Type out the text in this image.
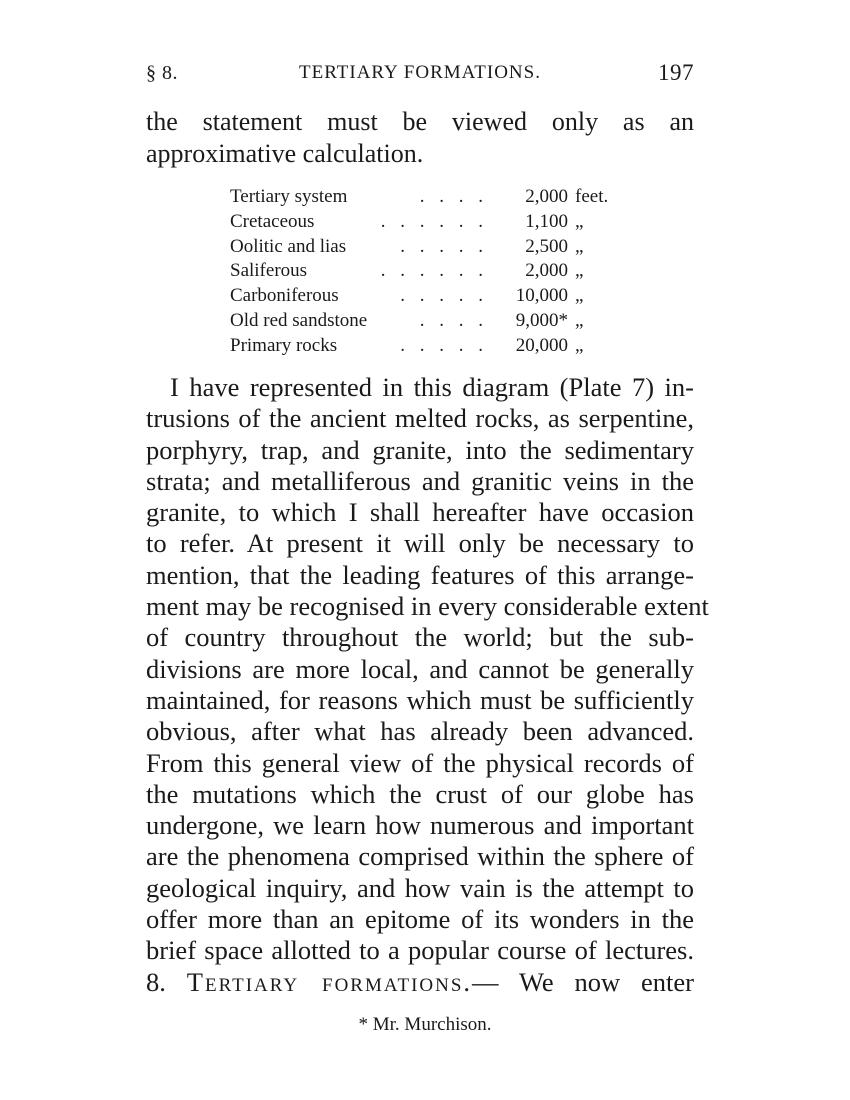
§ 8.	TERTIARY FORMATIONS.	197
the statement must be viewed only as an approximative calculation.
Tertiary system	. . . .	2,000 feet.
Cretaceous	. . . . . .	1,100 „
Oolitic and lias	. . . . .	2,500 „
Saliferous	. . . . . .	2,000 „
Carboniferous	. . . . .	10,000 „
Old red sandstone	. . . .	9,000* „
Primary rocks	. . . . .	20,000 „
I have represented in this diagram (Plate 7) in-
trusions of the ancient melted rocks, as serpentine,
porphyry, trap, and granite, into the sedimentary
strata; and metalliferous and granitic veins in the
granite, to which I shall hereafter have occasion
to refer. At present it will only be necessary to
mention, that the leading features of this arrange-
ment may be recognised in every considerable extent
of country throughout the world; but the sub-
divisions are more local, and cannot be generally
maintained, for reasons which must be sufficiently
obvious, after what has already been advanced.
From this general view of the physical records of
the mutations which the crust of our globe has
undergone, we learn how numerous and important
are the phenomena comprised within the sphere of
geological inquiry, and how vain is the attempt to
offer more than an epitome of its wonders in the
brief space allotted to a popular course of lectures.
8. Tertiary formations.— We now enter
* Mr. Murchison.
